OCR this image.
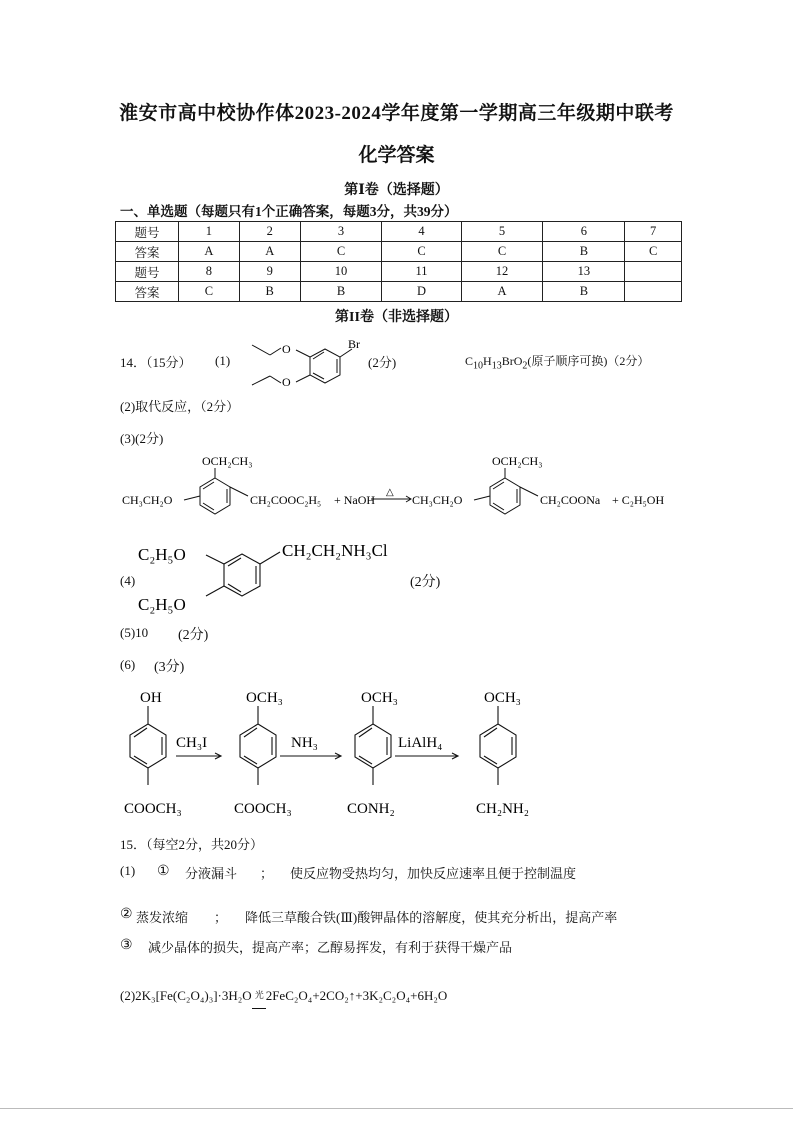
淮安市高中校协作体2023-2024学年度第一学期高三年级期中联考
化学答案
第Ⅰ卷（选择题）
一、单选题（每题只有1个正确答案，每题3分，共39分）
题号	1	2	3	4	5	6	7
答案	A	A	C	C	C	B	C
题号	8	9	10	11	12	13	
答案	C	B	B	D	A	B	
第II卷（非选择题）
14．（15分） (1)
Br
O
O
(2分)	$C_{10}H_{13}BrO_2$(原子顺序可换)（2分）
(2)取代反应，（2分）
(3)(2分)
OCH₂CH₃
CH₃CH₂O	CH₂COOC₂H₅ + NaOH
△
CH₃CH₂O
OCH₂CH₃
CH₂COONa + C₂H₅OH
(4)
C₂H₅O
C₂H₅O
CH₂CH₂NH₃Cl
(2分)
(5)10 (2分)
(6) (3分)
OH
COOCH₃
CH₃I
OCH₃
COOCH₃
NH₃
OCH₃
CONH₂
LiAlH₄
OCH₃
CH₂NH₂
15．（每空2分，共20分）
(1) ① 分液漏斗 ； 使反应物受热均匀，加快反应速率且便于控制温度
② 蒸发浓缩 ； 降低三草酸合铁(Ⅲ)酸钾晶体的溶解度，使其充分析出，提高产率
③ 减少晶体的损失，提高产率；乙醇易挥发，有利于获得干燥产品
(2)2K₃[Fe(C₂O₄)₃]·3H₂O 光 2FeC₂O₄+2CO₂↑+3K₂C₂O₄+6H₂O
